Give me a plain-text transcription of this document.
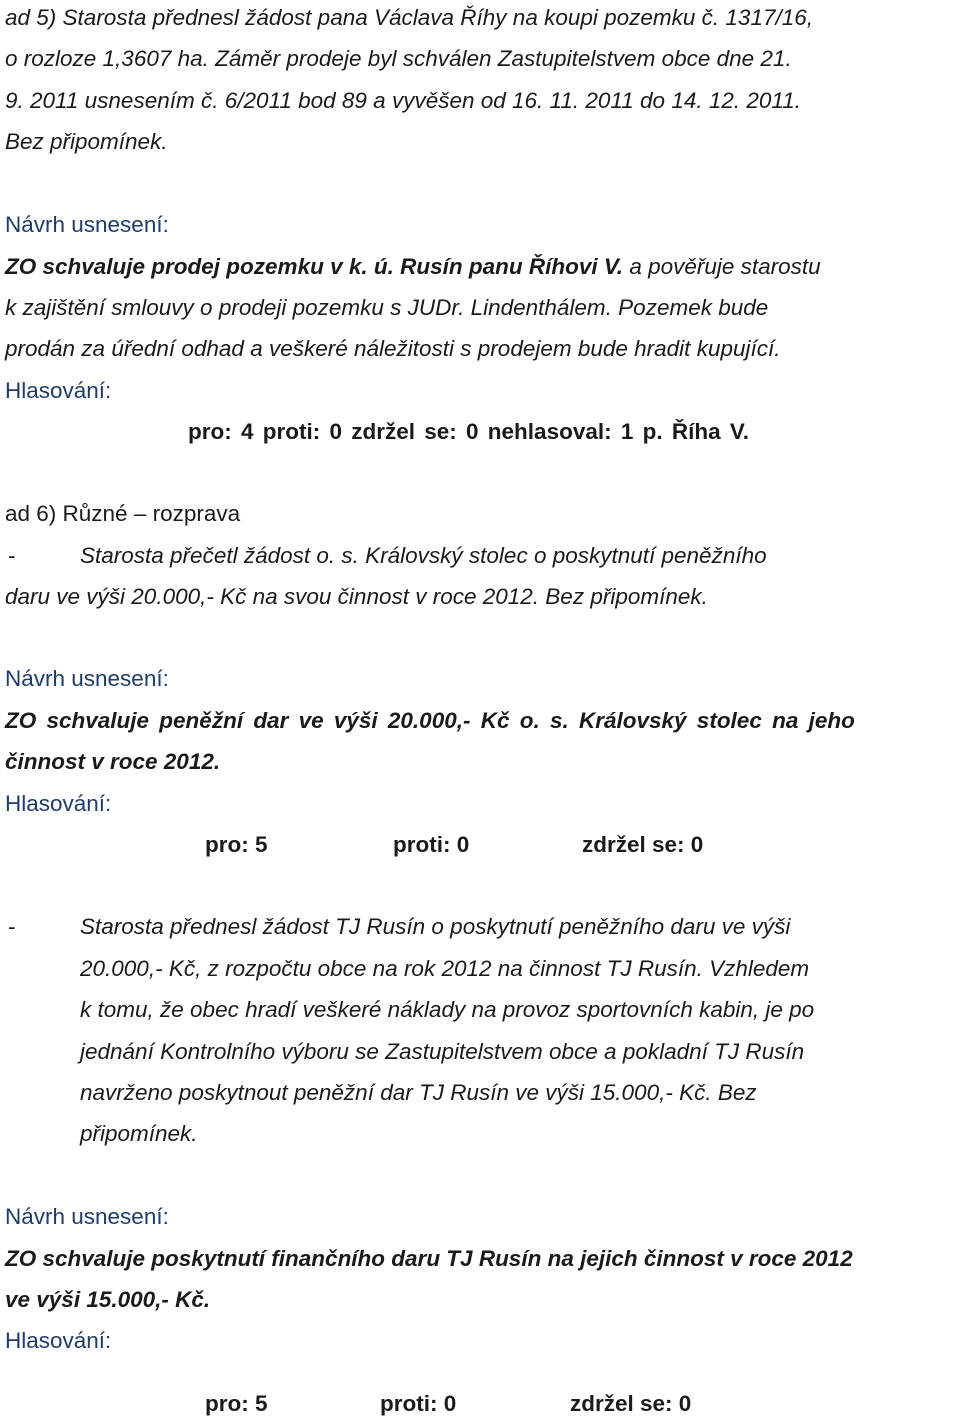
ad 5) Starosta přednesl žádost pana Václava Říhy na koupi pozemku č. 1317/16,
o rozloze 1,3607 ha. Záměr prodeje byl schválen Zastupitelstvem obce dne 21.
9. 2011 usnesením č. 6/2011 bod 89 a vyvěšen od 16. 11. 2011 do 14. 12. 2011.
Bez připomínek.
Návrh usnesení:
ZO schvaluje prodej pozemku v k. ú. Rusín panu Říhovi V. a pověřuje starostu
k zajištění smlouvy o prodeji pozemku s JUDr. Lindenthálem. Pozemek bude
prodán za úřední odhad a veškeré náležitosti s prodejem bude hradit kupující.
Hlasování:
pro: 4 proti: 0 zdržel se: 0 nehlasoval: 1 p. Říha V.
ad 6) Různé – rozprava
-	Starosta přečetl žádost o. s. Královský stolec o poskytnutí peněžního
daru ve výši 20.000,- Kč na svou činnost v roce 2012. Bez připomínek.
Návrh usnesení:
ZO schvaluje peněžní dar ve výši 20.000,- Kč o. s. Královský stolec na jeho
činnost v roce 2012.
Hlasování:
pro: 5	proti: 0	zdržel se: 0
-	Starosta přednesl žádost TJ Rusín o poskytnutí peněžního daru ve výši
20.000,- Kč, z rozpočtu obce na rok 2012 na činnost TJ Rusín. Vzhledem
k tomu, že obec hradí veškeré náklady na provoz sportovních kabin, je po
jednání Kontrolního výboru se Zastupitelstvem obce a pokladní TJ Rusín
navrženo poskytnout peněžní dar TJ Rusín ve výši 15.000,- Kč. Bez
připomínek.
Návrh usnesení:
ZO schvaluje poskytnutí finančního daru TJ Rusín na jejich činnost v roce 2012
ve výši 15.000,- Kč.
Hlasování:
pro: 5	proti: 0	zdržel se: 0
